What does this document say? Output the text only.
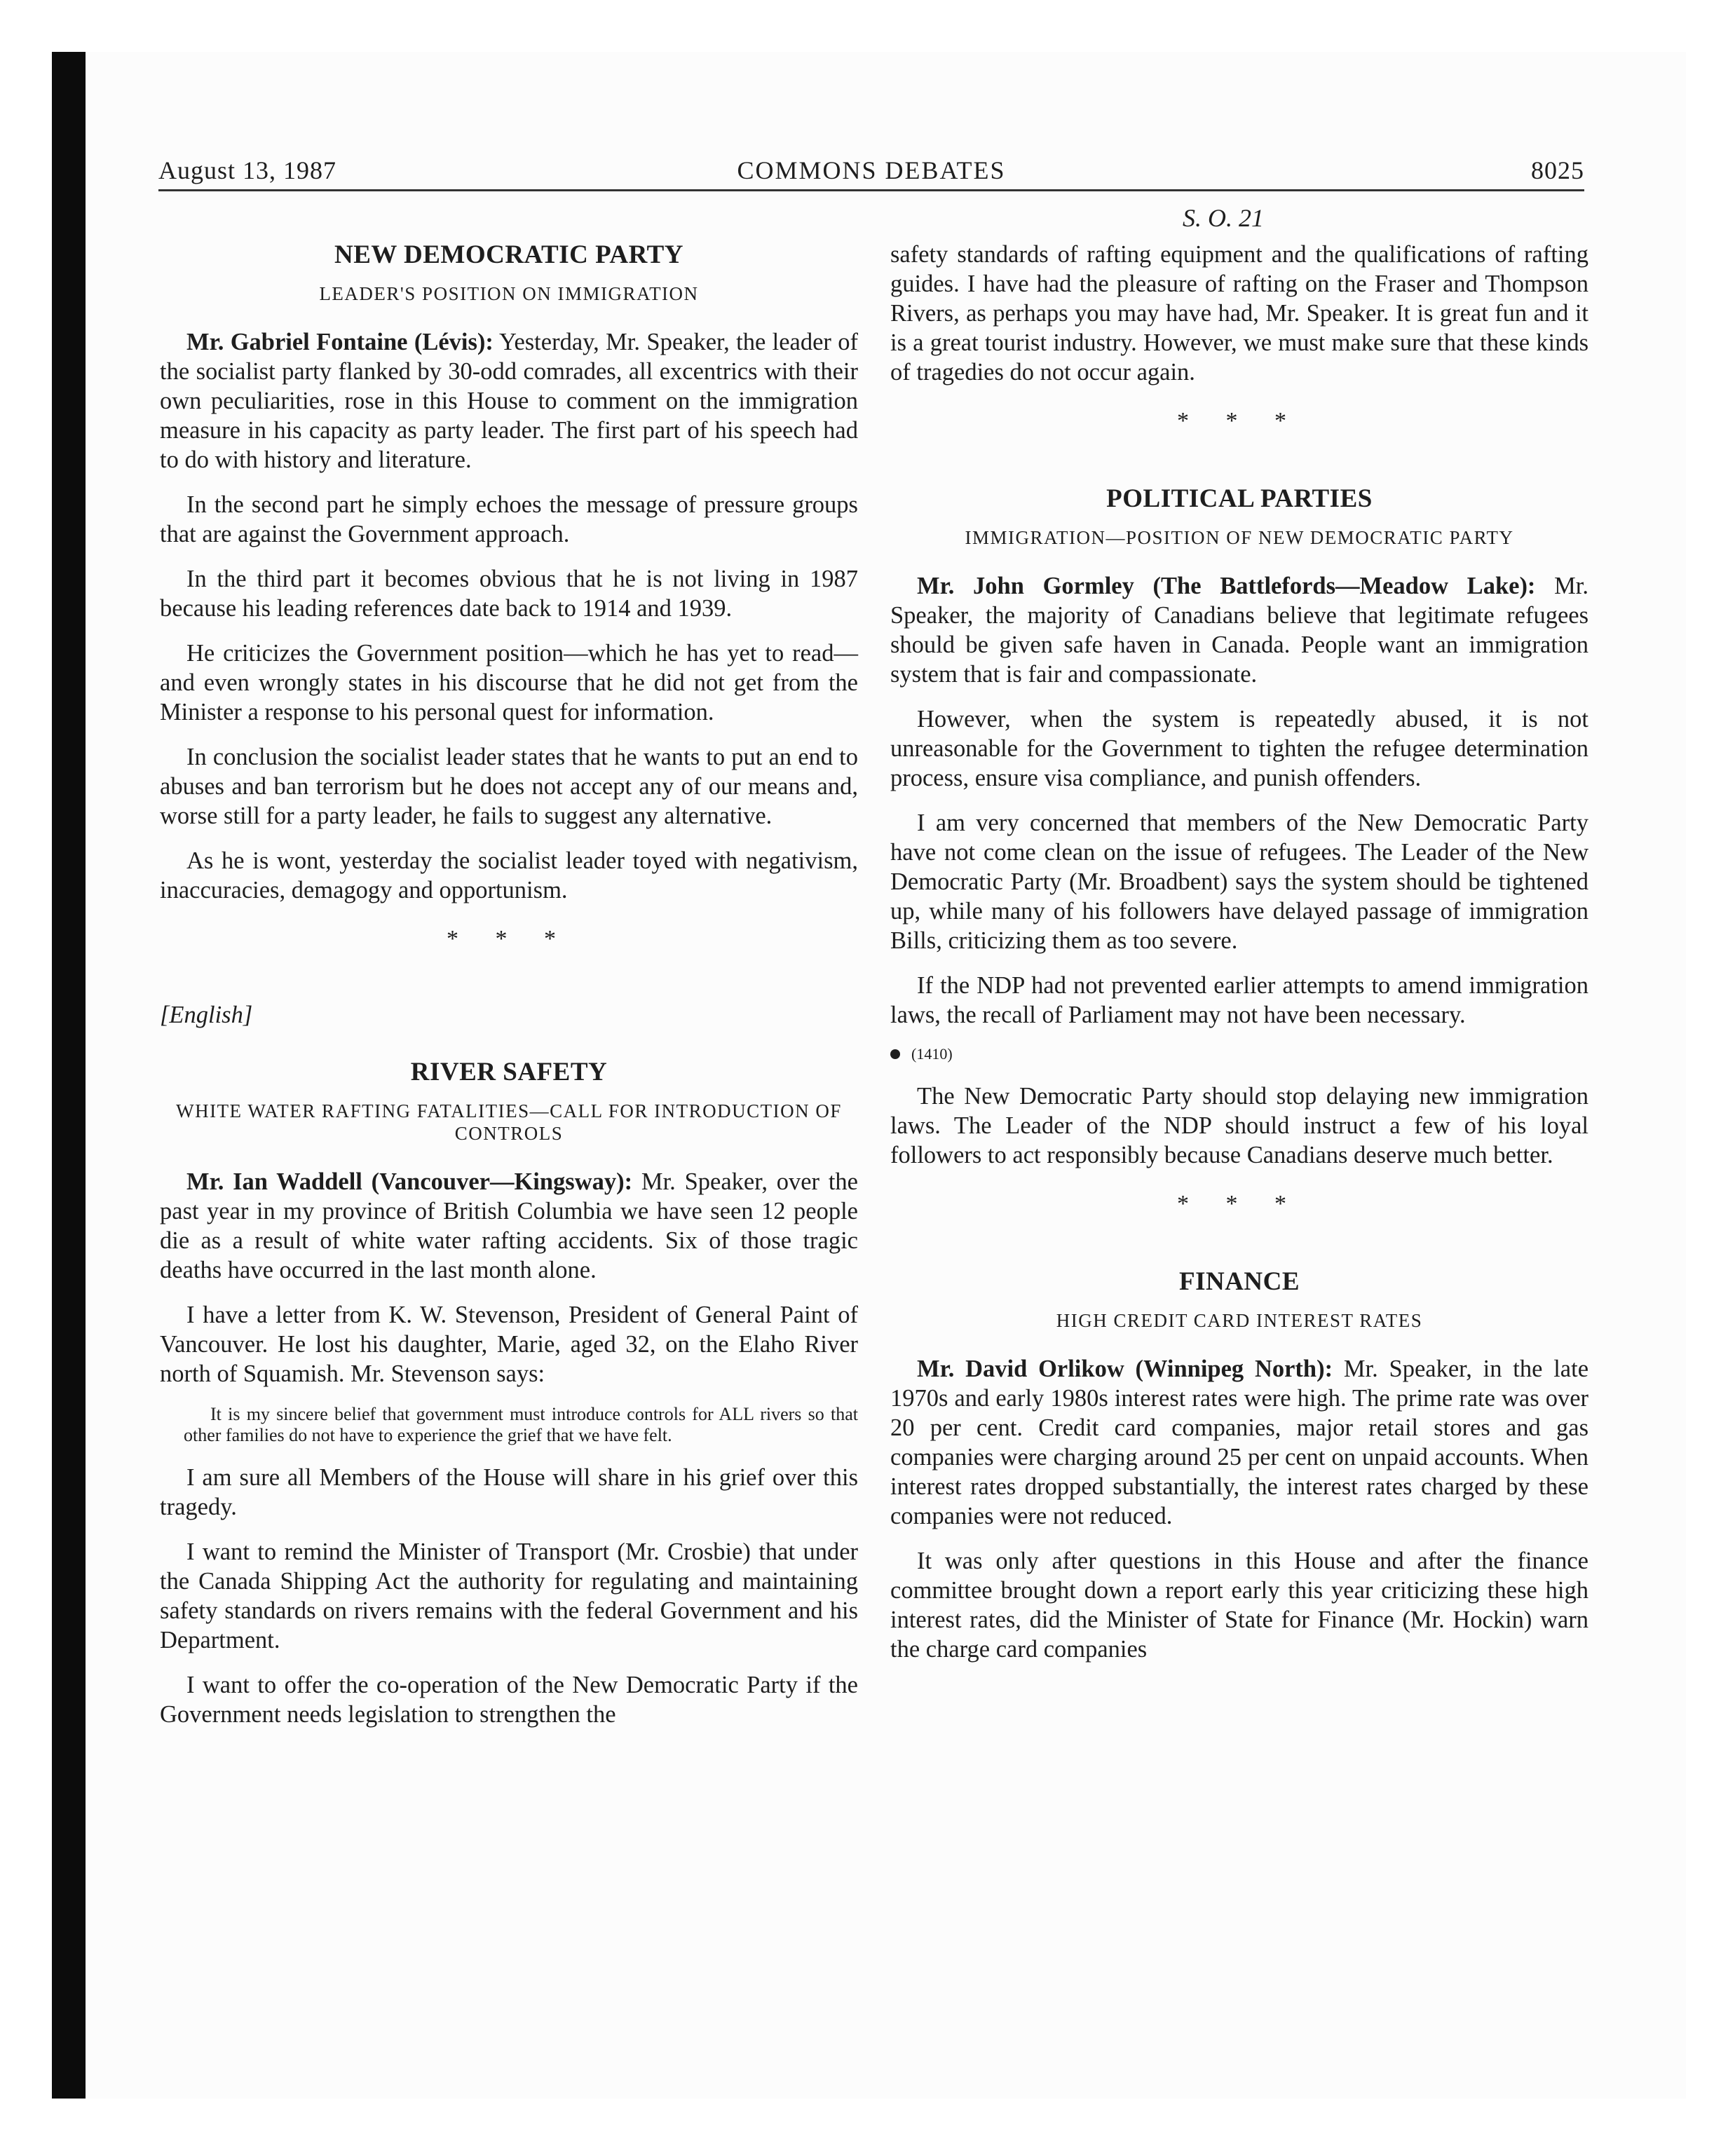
August 13, 1987	COMMONS DEBATES	8025
S. O. 21
NEW DEMOCRATIC PARTY
LEADER'S POSITION ON IMMIGRATION

Mr. Gabriel Fontaine (Lévis): Yesterday, Mr. Speaker, the leader of the socialist party flanked by 30-odd comrades, all excentrics with their own peculiarities, rose in this House to comment on the immigration measure in his capacity as party leader. The first part of his speech had to do with history and literature.

In the second part he simply echoes the message of pressure groups that are against the Government approach.

In the third part it becomes obvious that he is not living in 1987 because his leading references date back to 1914 and 1939.

He criticizes the Government position—which he has yet to read—and even wrongly states in his discourse that he did not get from the Minister a response to his personal quest for information.

In conclusion the socialist leader states that he wants to put an end to abuses and ban terrorism but he does not accept any of our means and, worse still for a party leader, he fails to suggest any alternative.

As he is wont, yesterday the socialist leader toyed with negativism, inaccuracies, demagogy and opportunism.

* * *
[English]
RIVER SAFETY
WHITE WATER RAFTING FATALITIES—CALL FOR INTRODUCTION OF CONTROLS

Mr. Ian Waddell (Vancouver—Kingsway): Mr. Speaker, over the past year in my province of British Columbia we have seen 12 people die as a result of white water rafting accidents. Six of those tragic deaths have occurred in the last month alone.

I have a letter from K. W. Stevenson, President of General Paint of Vancouver. He lost his daughter, Marie, aged 32, on the Elaho River north of Squamish. Mr. Stevenson says:

It is my sincere belief that government must introduce controls for ALL rivers so that other families do not have to experience the grief that we have felt.

I am sure all Members of the House will share in his grief over this tragedy.

I want to remind the Minister of Transport (Mr. Crosbie) that under the Canada Shipping Act the authority for regulating and maintaining safety standards on rivers remains with the federal Government and his Department.

I want to offer the co-operation of the New Democratic Party if the Government needs legislation to strengthen the

safety standards of rafting equipment and the qualifications of rafting guides. I have had the pleasure of rafting on the Fraser and Thompson Rivers, as perhaps you may have had, Mr. Speaker. It is great fun and it is a great tourist industry. However, we must make sure that these kinds of tragedies do not occur again.

* * *
POLITICAL PARTIES
IMMIGRATION—POSITION OF NEW DEMOCRATIC PARTY

Mr. John Gormley (The Battlefords—Meadow Lake): Mr. Speaker, the majority of Canadians believe that legitimate refugees should be given safe haven in Canada. People want an immigration system that is fair and compassionate.

However, when the system is repeatedly abused, it is not unreasonable for the Government to tighten the refugee determination process, ensure visa compliance, and punish offenders.

I am very concerned that members of the New Democratic Party have not come clean on the issue of refugees. The Leader of the New Democratic Party (Mr. Broadbent) says the system should be tightened up, while many of his followers have delayed passage of immigration Bills, criticizing them as too severe.

If the NDP had not prevented earlier attempts to amend immigration laws, the recall of Parliament may not have been necessary.

(1410)

The New Democratic Party should stop delaying new immigration laws. The Leader of the NDP should instruct a few of his loyal followers to act responsibly because Canadians deserve much better.

* * *
FINANCE
HIGH CREDIT CARD INTEREST RATES

Mr. David Orlikow (Winnipeg North): Mr. Speaker, in the late 1970s and early 1980s interest rates were high. The prime rate was over 20 per cent. Credit card companies, major retail stores and gas companies were charging around 25 per cent on unpaid accounts. When interest rates dropped substantially, the interest rates charged by these companies were not reduced.

It was only after questions in this House and after the finance committee brought down a report early this year criticizing these high interest rates, did the Minister of State for Finance (Mr. Hockin) warn the charge card companies
